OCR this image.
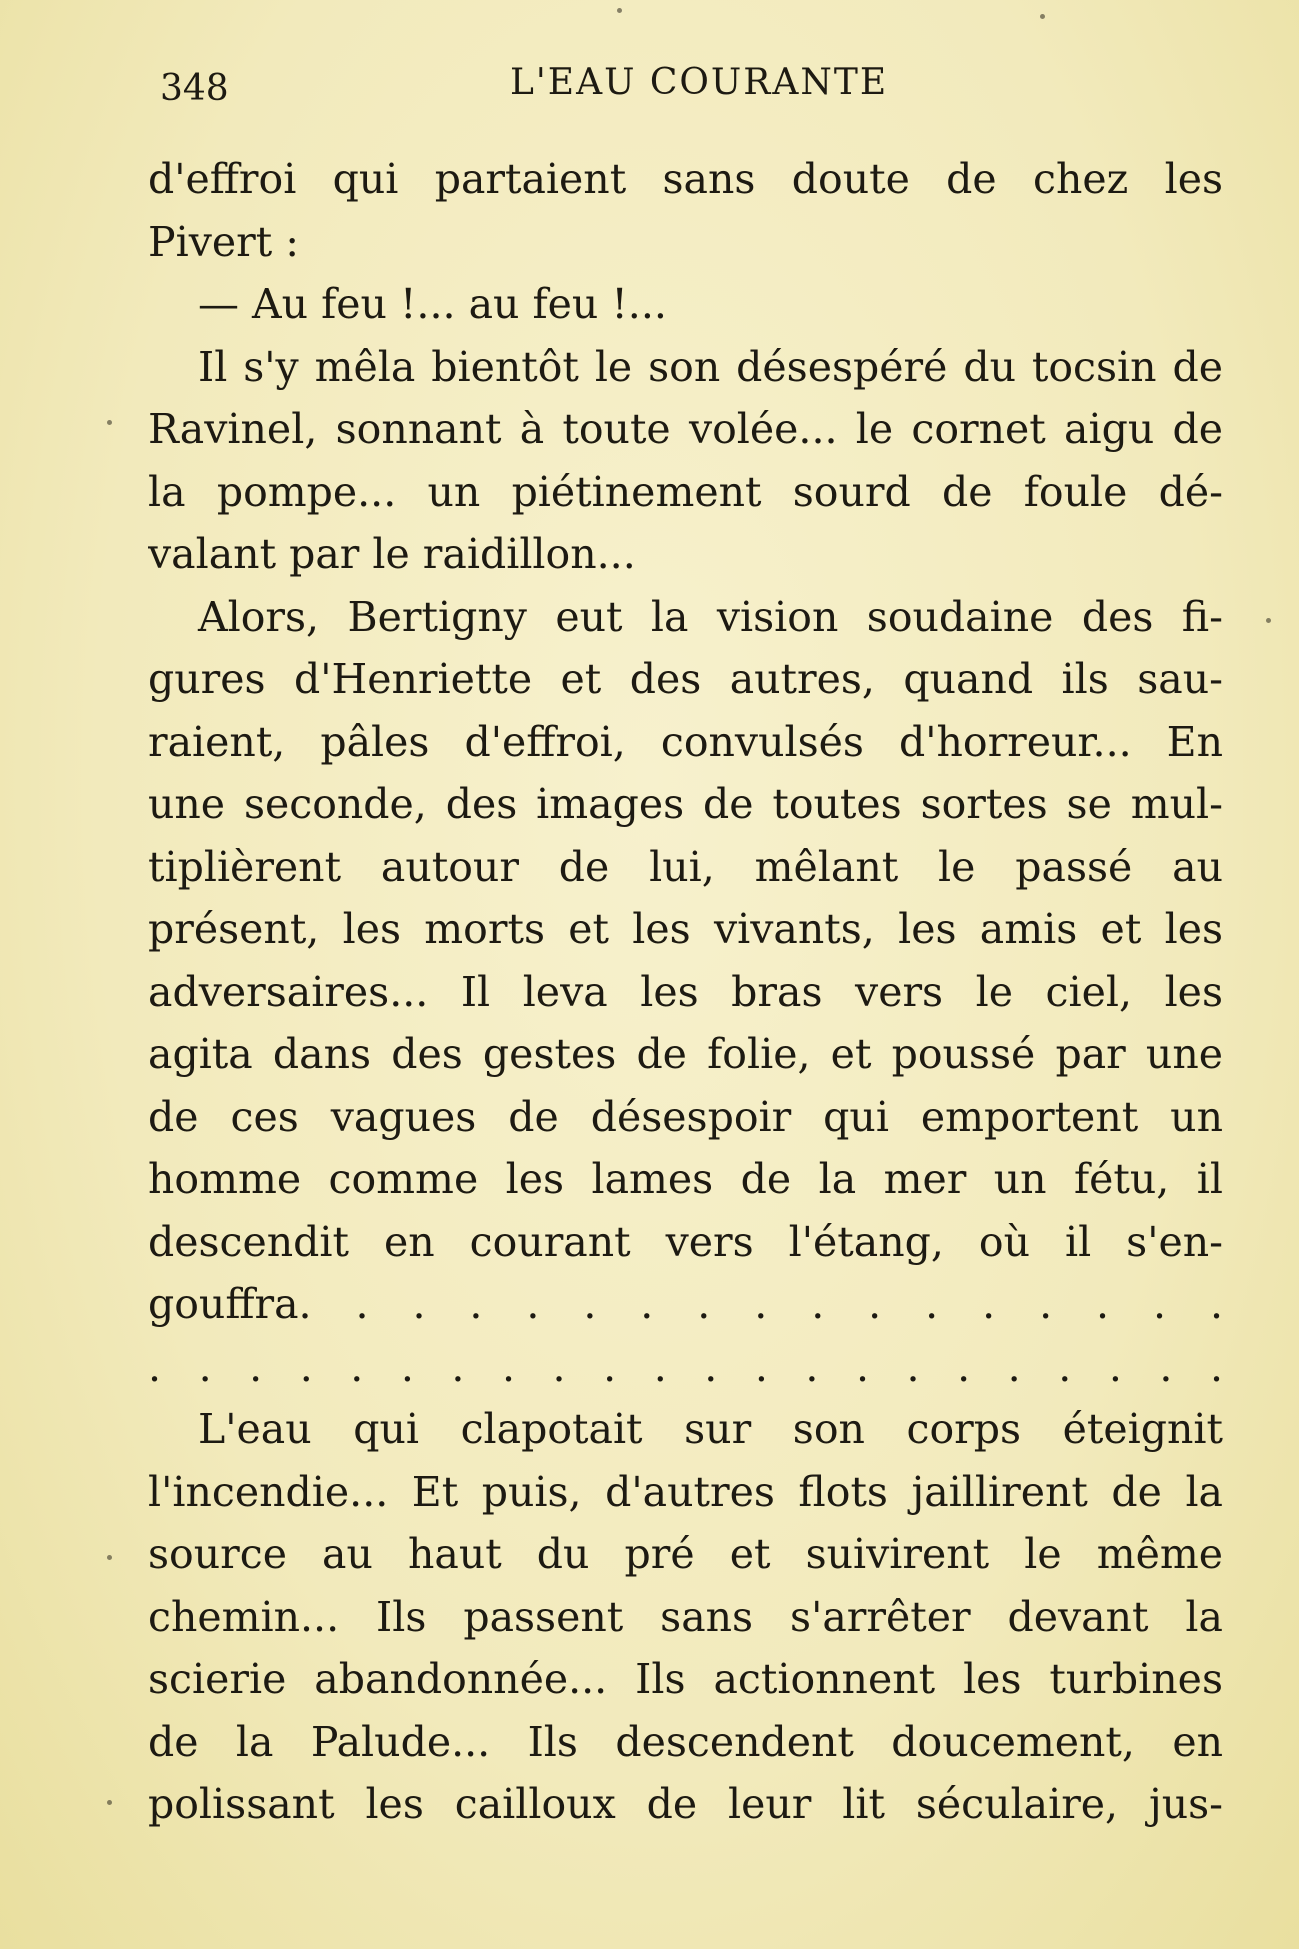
348	L'EAU COURANTE
d'effroi qui partaient sans doute de chez les
Pivert :
— Au feu !... au feu !...
Il s'y mêla bientôt le son désespéré du tocsin de
Ravinel, sonnant à toute volée... le cornet aigu de
la pompe... un piétinement sourd de foule dé-
valant par le raidillon...
Alors, Bertigny eut la vision soudaine des fi-
gures d'Henriette et des autres, quand ils sau-
raient, pâles d'effroi, convulsés d'horreur... En
une seconde, des images de toutes sortes se mul-
tiplièrent autour de lui, mêlant le passé au
présent, les morts et les vivants, les amis et les
adversaires... Il leva les bras vers le ciel, les
agita dans des gestes de folie, et poussé par une
de ces vagues de désespoir qui emportent un
homme comme les lames de la mer un fétu, il
descendit en courant vers l'étang, où il s'en-
gouffra. . . . . . . . . . . . . . . . .
. . . . . . . . . . . . . . . . . . . . . .
L'eau qui clapotait sur son corps éteignit
l'incendie... Et puis, d'autres flots jaillirent de la
source au haut du pré et suivirent le même
chemin... Ils passent sans s'arrêter devant la
scierie abandonnée... Ils actionnent les turbines
de la Palude... Ils descendent doucement, en
polissant les cailloux de leur lit séculaire, jus-
